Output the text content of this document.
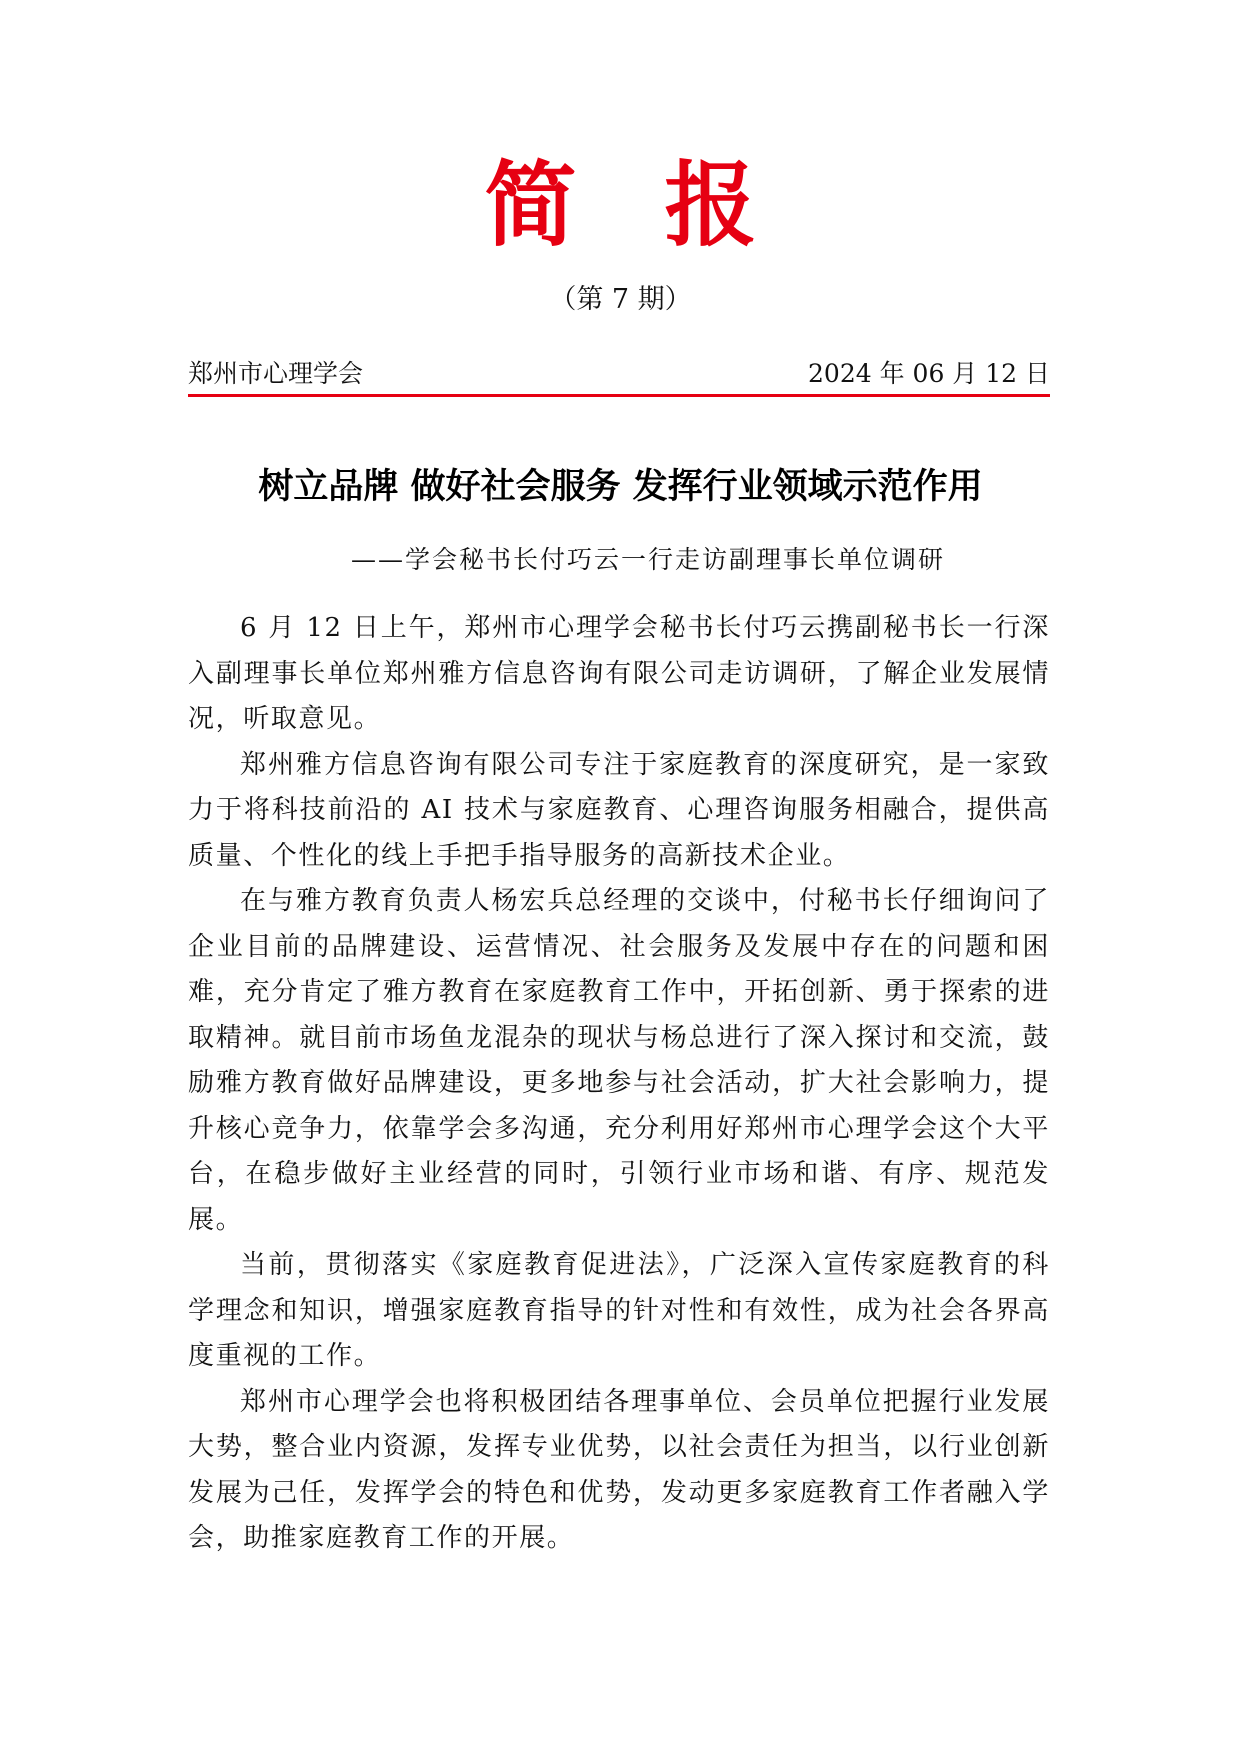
简报
（第 7 期）
郑州市心理学会	2024 年 06 月 12 日
树立品牌 做好社会服务 发挥行业领域示范作用
——学会秘书长付巧云一行走访副理事长单位调研

6 月 12 日上午，郑州市心理学会秘书长付巧云携副秘书长一行深入副理事长单位郑州雅方信息咨询有限公司走访调研，了解企业发展情况，听取意见。

郑州雅方信息咨询有限公司专注于家庭教育的深度研究，是一家致力于将科技前沿的 AI 技术与家庭教育、心理咨询服务相融合，提供高质量、个性化的线上手把手指导服务的高新技术企业。

在与雅方教育负责人杨宏兵总经理的交谈中，付秘书长仔细询问了企业目前的品牌建设、运营情况、社会服务及发展中存在的问题和困难，充分肯定了雅方教育在家庭教育工作中，开拓创新、勇于探索的进取精神。就目前市场鱼龙混杂的现状与杨总进行了深入探讨和交流，鼓励雅方教育做好品牌建设，更多地参与社会活动，扩大社会影响力，提升核心竞争力，依靠学会多沟通，充分利用好郑州市心理学会这个大平台，在稳步做好主业经营的同时，引领行业市场和谐、有序、规范发展。

当前，贯彻落实《家庭教育促进法》，广泛深入宣传家庭教育的科学理念和知识，增强家庭教育指导的针对性和有效性，成为社会各界高度重视的工作。

郑州市心理学会也将积极团结各理事单位、会员单位把握行业发展大势，整合业内资源，发挥专业优势，以社会责任为担当，以行业创新发展为己任，发挥学会的特色和优势，发动更多家庭教育工作者融入学会，助推家庭教育工作的开展。
